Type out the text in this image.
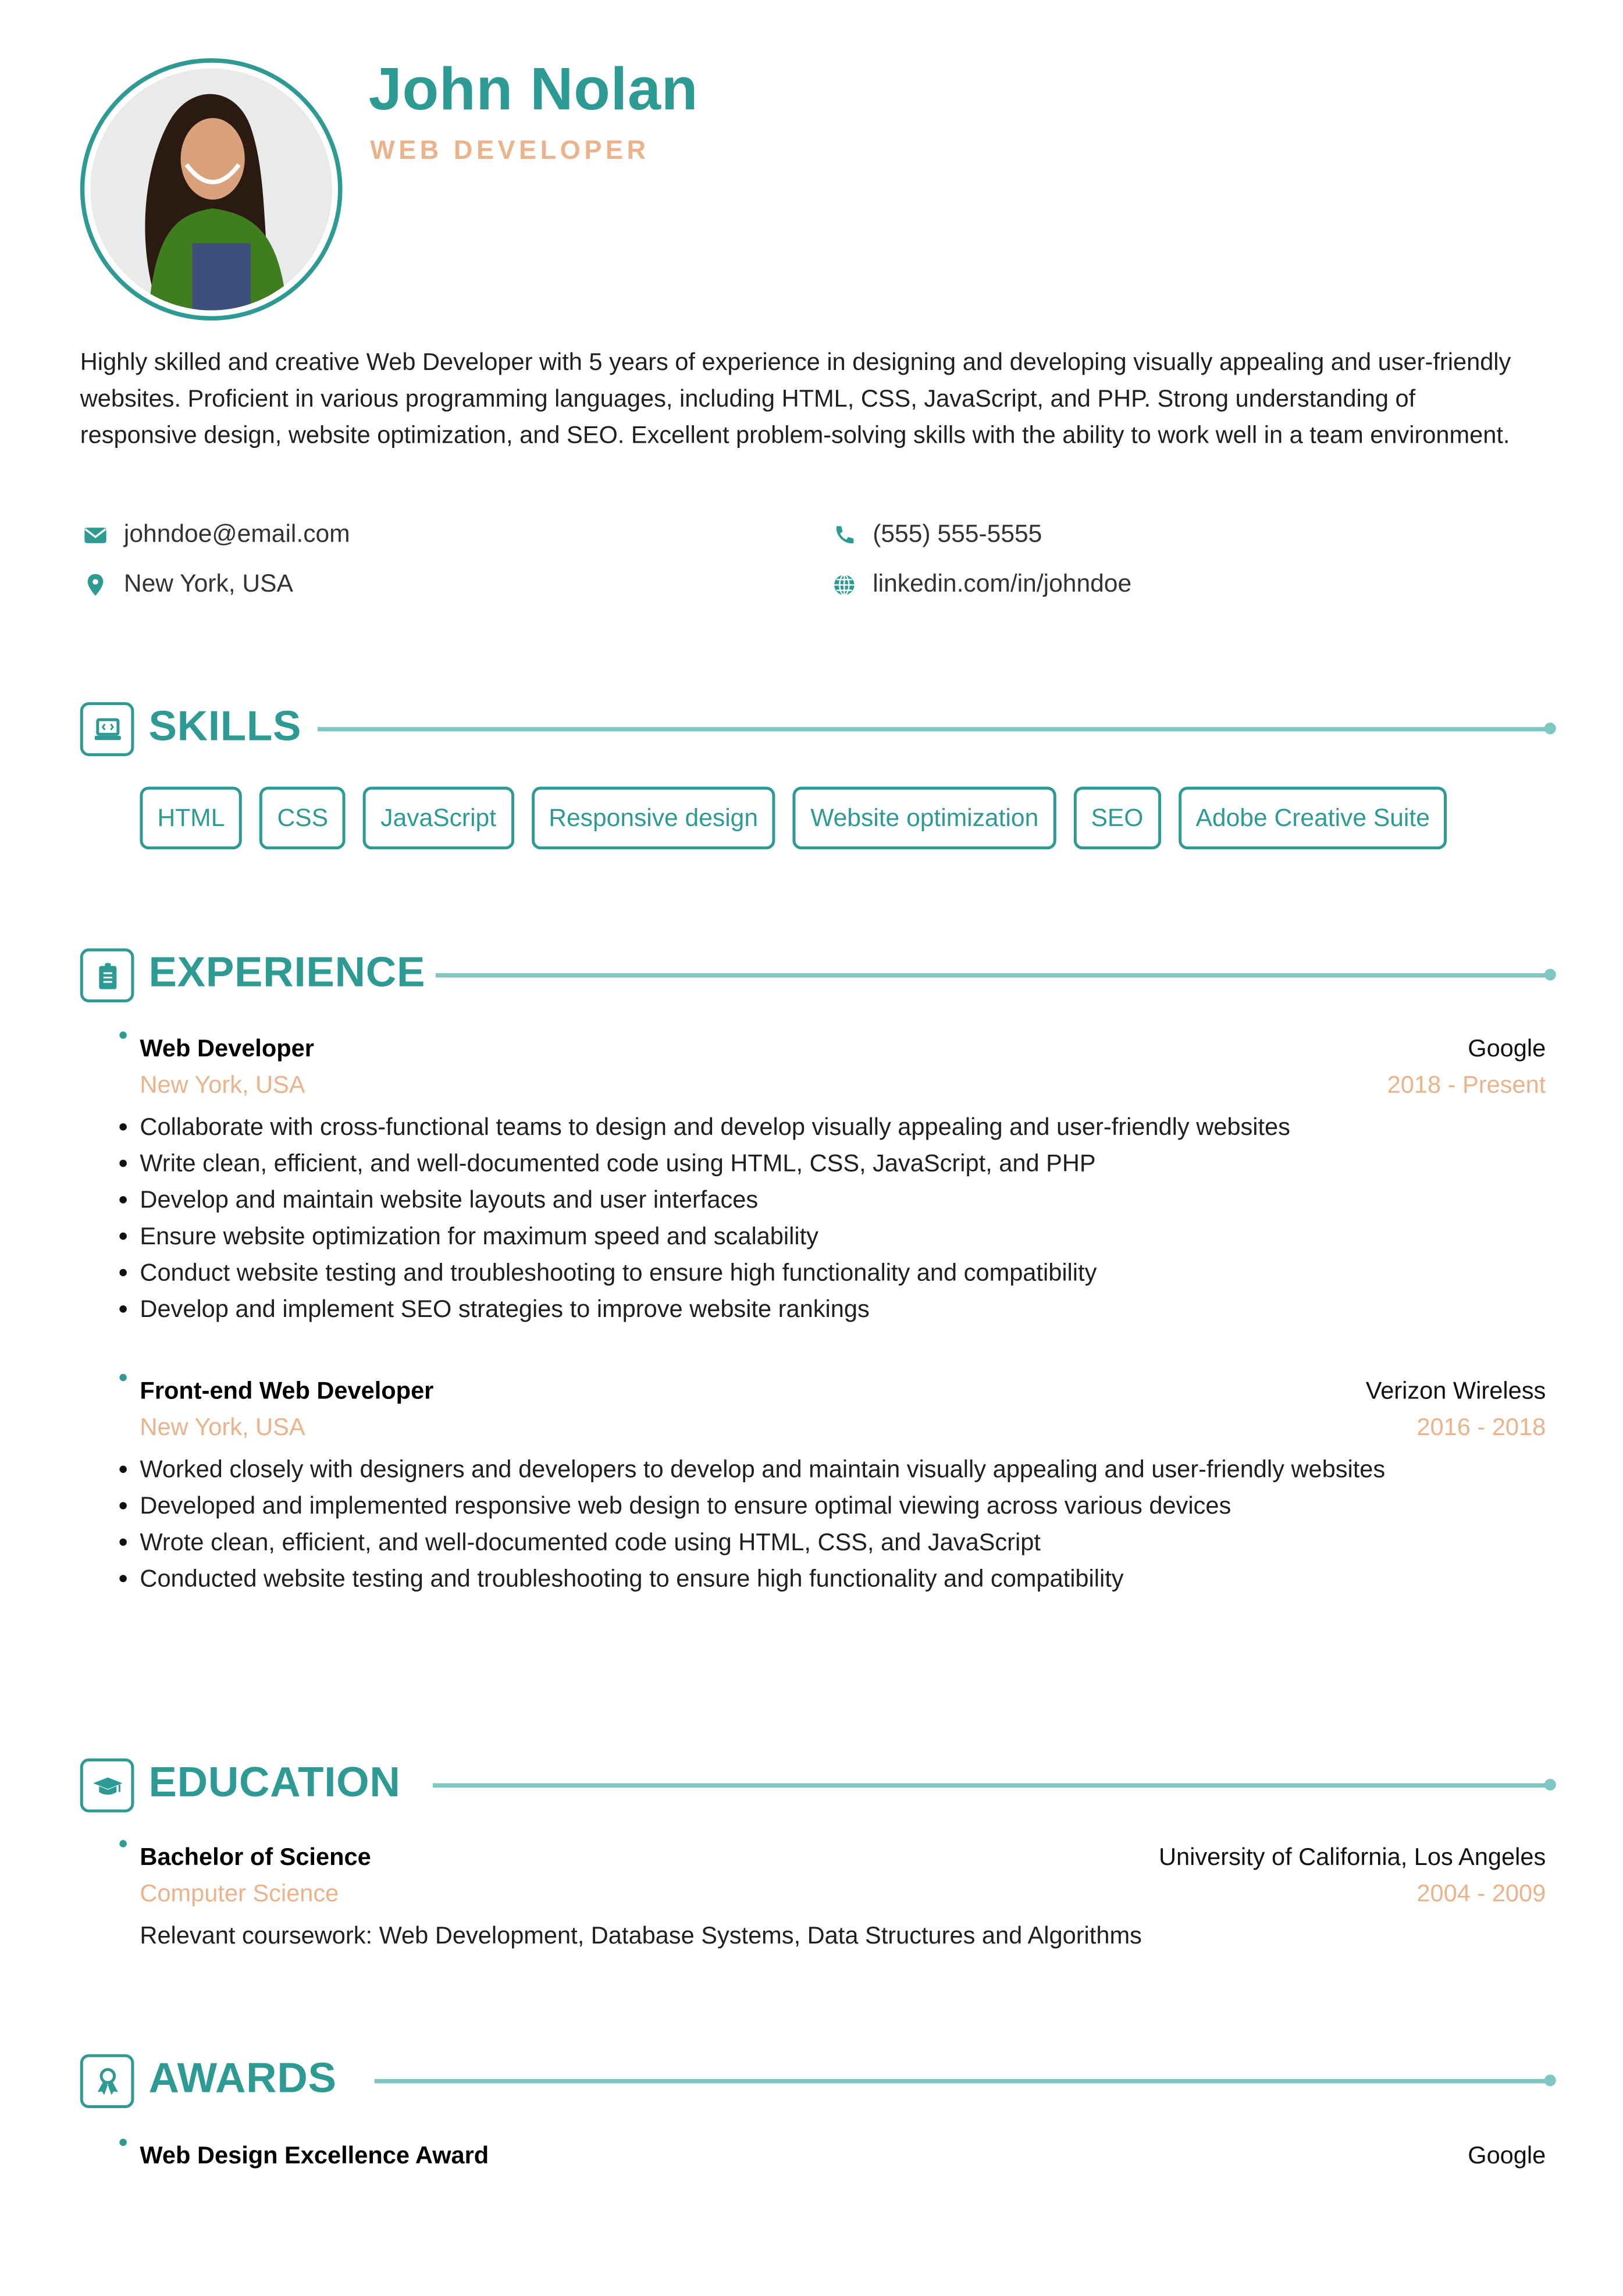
John Nolan
WEB DEVELOPER
Highly skilled and creative Web Developer with 5 years of experience in designing and developing visually appealing and user-friendly websites. Proficient in various programming languages, including HTML, CSS, JavaScript, and PHP. Strong understanding of responsive design, website optimization, and SEO. Excellent problem-solving skills with the ability to work well in a team environment.
johndoe@email.com	(555) 555-5555
New York, USA	linkedin.com/in/johndoe
SKILLS
HTML	CSS	JavaScript	Responsive design	Website optimization	SEO	Adobe Creative Suite
EXPERIENCE
Web Developer	Google
New York, USA	2018 - Present
Collaborate with cross-functional teams to design and develop visually appealing and user-friendly websites
Write clean, efficient, and well-documented code using HTML, CSS, JavaScript, and PHP
Develop and maintain website layouts and user interfaces
Ensure website optimization for maximum speed and scalability
Conduct website testing and troubleshooting to ensure high functionality and compatibility
Develop and implement SEO strategies to improve website rankings
Front-end Web Developer	Verizon Wireless
New York, USA	2016 - 2018
Worked closely with designers and developers to develop and maintain visually appealing and user-friendly websites
Developed and implemented responsive web design to ensure optimal viewing across various devices
Wrote clean, efficient, and well-documented code using HTML, CSS, and JavaScript
Conducted website testing and troubleshooting to ensure high functionality and compatibility
EDUCATION
Bachelor of Science	University of California, Los Angeles
Computer Science	2004 - 2009
Relevant coursework: Web Development, Database Systems, Data Structures and Algorithms
AWARDS
Web Design Excellence Award	Google
